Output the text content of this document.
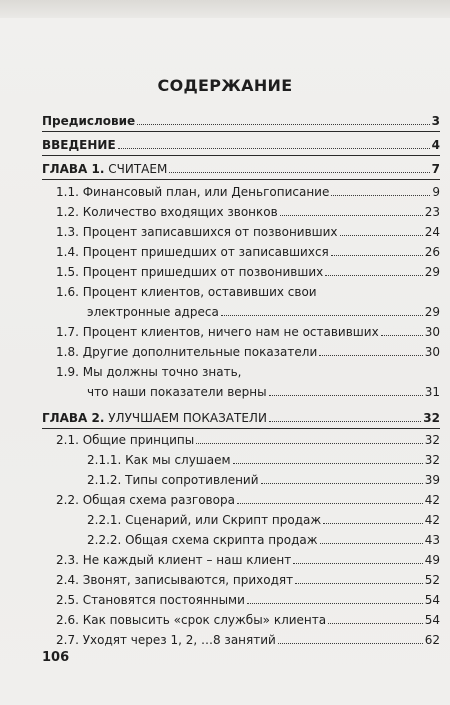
СОДЕРЖАНИЕ
Предисловие	3
ВВЕДЕНИЕ	4
ГЛАВА 1. СЧИТАЕМ	7
1.1. Финансовый план, или Деньгописание	9
1.2. Количество входящих звонков	23
1.3. Процент записавшихся от позвонивших	24
1.4. Процент пришедших от записавшихся	26
1.5. Процент пришедших от позвонивших	29
1.6. Процент клиентов, оставивших свои
электронные адреса	29
1.7. Процент клиентов, ничего нам не оставивших	30
1.8. Другие дополнительные показатели	30
1.9. Мы должны точно знать,
что наши показатели верны	31
ГЛАВА 2. УЛУЧШАЕМ ПОКАЗАТЕЛИ	32
2.1. Общие принципы	32
2.1.1. Как мы слушаем	32
2.1.2. Типы сопротивлений	39
2.2. Общая схема разговора	42
2.2.1. Сценарий, или Скрипт продаж	42
2.2.2. Общая схема скрипта продаж	43
2.3. Не каждый клиент – наш клиент	49
2.4. Звонят, записываются, приходят	52
2.5. Становятся постоянными	54
2.6. Как повысить «срок службы» клиента	54
2.7. Уходят через 1, 2, …8 занятий	62
106
